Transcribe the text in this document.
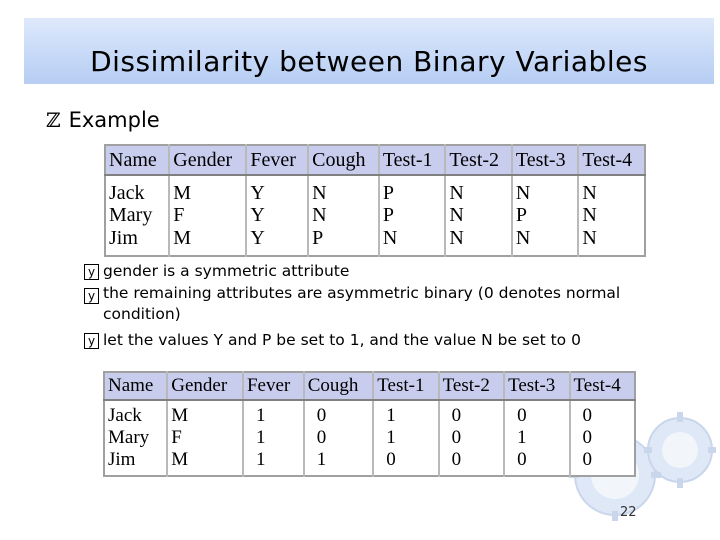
Dissimilarity between Binary Variables
ℤ Example
Name	Gender	Fever	Cough	Test-1	Test-2	Test-3	Test-4
Jack	M	Y	N	P	N	N	N
Mary	F	Y	N	P	N	P	N
Jim	M	Y	P	N	N	N	N
y gender is a symmetric attribute
y the remaining attributes are asymmetric binary (0 denotes normal condition)
y let the values Y and P be set to 1, and the value N be set to 0
Name	Gender	Fever	Cough	Test-1	Test-2	Test-3	Test-4
Jack	M	1	0	1	0	0	0
Mary	F	1	0	1	0	1	0
Jim	M	1	1	0	0	0	0
22
